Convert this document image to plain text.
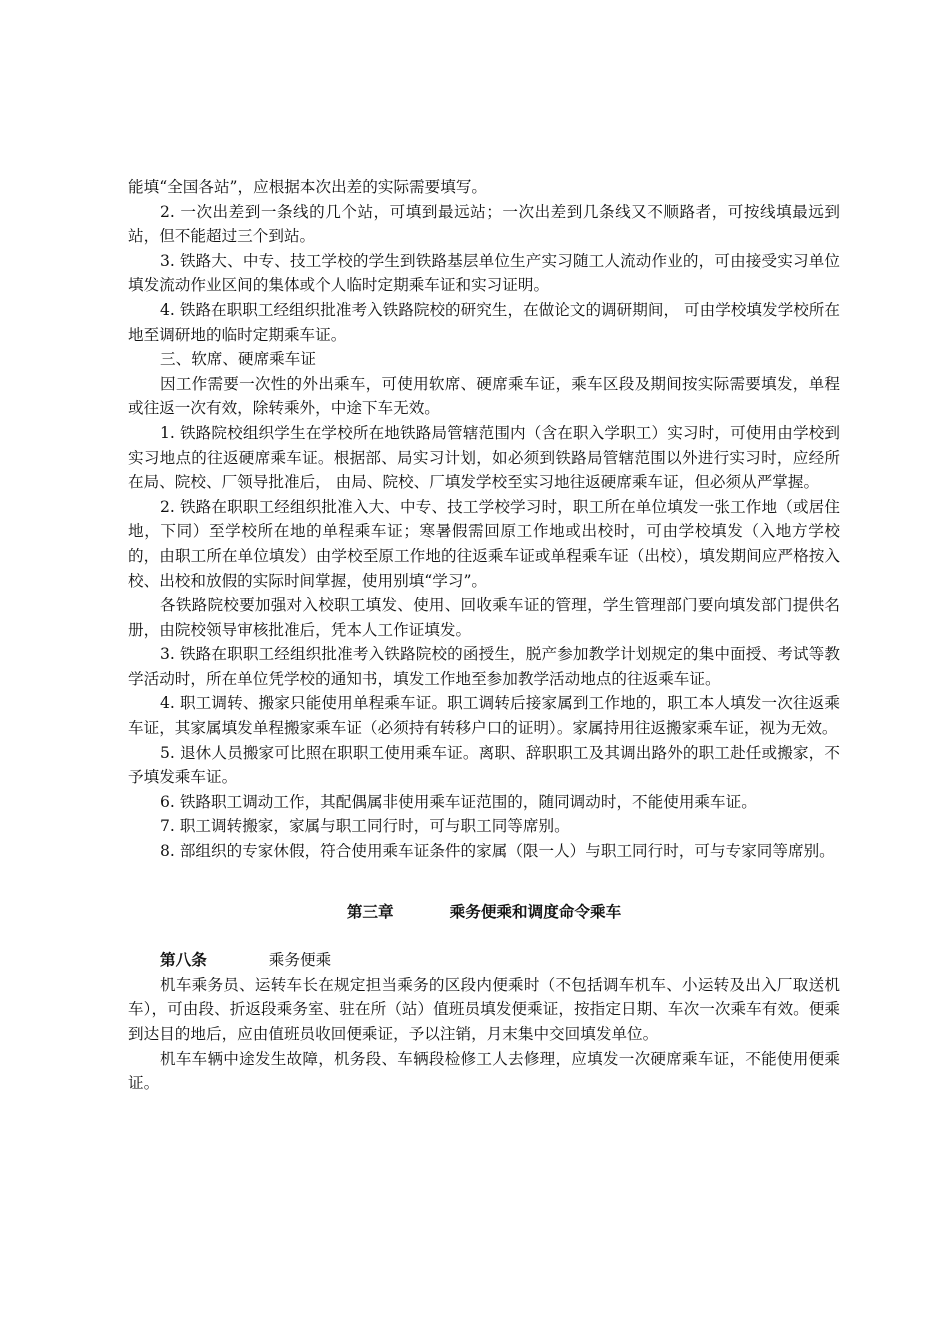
能填“全国各站”，应根据本次出差的实际需要填写。

2. 一次出差到一条线的几个站，可填到最远站；一次出差到几条线又不顺路者，可按线填最远到站，但不能超过三个到站。

3. 铁路大、中专、技工学校的学生到铁路基层单位生产实习随工人流动作业的，可由接受实习单位填发流动作业区间的集体或个人临时定期乘车证和实习证明。

4. 铁路在职职工经组织批准考入铁路院校的研究生，在做论文的调研期间， 可由学校填发学校所在地至调研地的临时定期乘车证。

三、软席、硬席乘车证

因工作需要一次性的外出乘车，可使用软席、硬席乘车证，乘车区段及期间按实际需要填发，单程或往返一次有效，除转乘外，中途下车无效。

1. 铁路院校组织学生在学校所在地铁路局管辖范围内（含在职入学职工）实习时，可使用由学校到实习地点的往返硬席乘车证。根据部、局实习计划，如必须到铁路局管辖范围以外进行实习时，应经所在局、院校、厂领导批准后， 由局、院校、厂填发学校至实习地往返硬席乘车证，但必须从严掌握。

2. 铁路在职职工经组织批准入大、中专、技工学校学习时，职工所在单位填发一张工作地（或居住地，下同）至学校所在地的单程乘车证；寒暑假需回原工作地或出校时，可由学校填发（入地方学校的，由职工所在单位填发）由学校至原工作地的往返乘车证或单程乘车证（出校），填发期间应严格按入校、出校和放假的实际时间掌握，使用别填“学习”。

各铁路院校要加强对入校职工填发、使用、回收乘车证的管理，学生管理部门要向填发部门提供名册，由院校领导审核批准后，凭本人工作证填发。

3. 铁路在职职工经组织批准考入铁路院校的函授生，脱产参加教学计划规定的集中面授、考试等教学活动时，所在单位凭学校的通知书，填发工作地至参加教学活动地点的往返乘车证。

4. 职工调转、搬家只能使用单程乘车证。职工调转后接家属到工作地的，职工本人填发一次往返乘车证，其家属填发单程搬家乘车证（必须持有转移户口的证明）。家属持用往返搬家乘车证，视为无效。

5. 退休人员搬家可比照在职职工使用乘车证。离职、辞职职工及其调出路外的职工赴任或搬家，不予填发乘车证。

6. 铁路职工调动工作，其配偶属非使用乘车证范围的，随同调动时，不能使用乘车证。

7. 职工调转搬家，家属与职工同行时，可与职工同等席别。

8. 部组织的专家休假，符合使用乘车证条件的家属（限一人）与职工同行时，可与专家同等席别。

第三章	乘务便乘和调度命令乘车
第八条	乘务便乘

机车乘务员、运转车长在规定担当乘务的区段内便乘时（不包括调车机车、小运转及出入厂取送机车），可由段、折返段乘务室、驻在所（站）值班员填发便乘证，按指定日期、车次一次乘车有效。便乘到达目的地后，应由值班员收回便乘证，予以注销，月末集中交回填发单位。

机车车辆中途发生故障，机务段、车辆段检修工人去修理，应填发一次硬席乘车证，不能使用便乘证。
